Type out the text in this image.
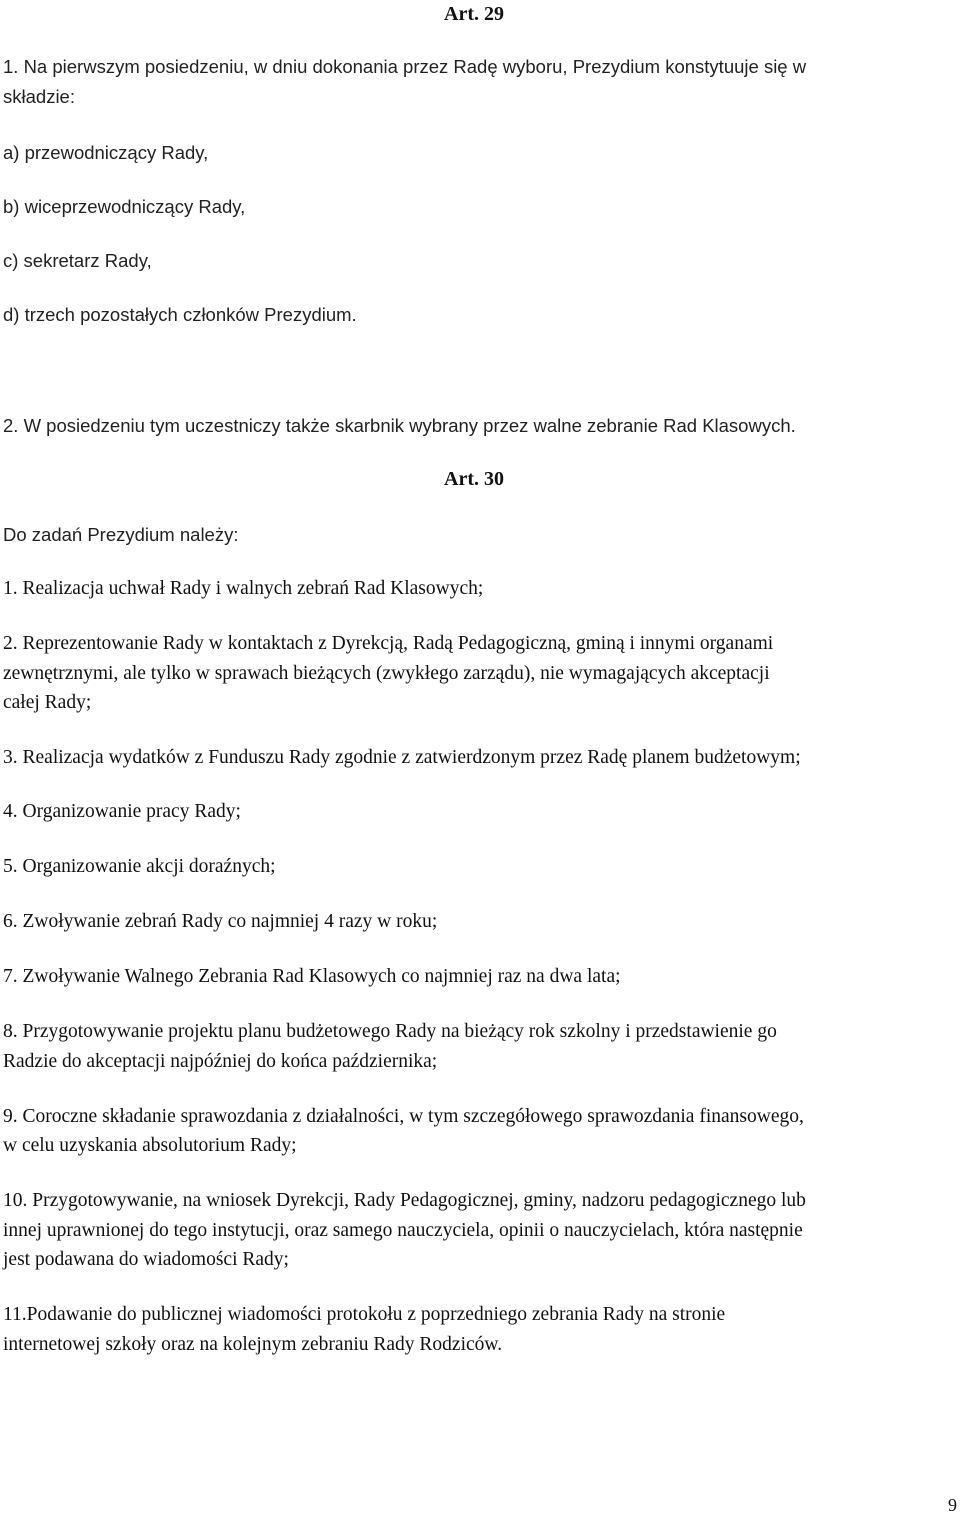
Art. 29
1. Na pierwszym posiedzeniu, w dniu dokonania przez Radę wyboru, Prezydium konstytuuje się w
składzie:
a) przewodniczący Rady,
b) wiceprzewodniczący Rady,
c) sekretarz Rady,
d) trzech pozostałych członków Prezydium.
2. W posiedzeniu tym uczestniczy także skarbnik wybrany przez walne zebranie Rad Klasowych.
Art. 30
Do zadań Prezydium należy:
1. Realizacja uchwał Rady i walnych zebrań Rad Klasowych;
2. Reprezentowanie Rady w kontaktach z Dyrekcją, Radą Pedagogiczną, gminą i innymi organami
zewnętrznymi, ale tylko w sprawach bieżących (zwykłego zarządu), nie wymagających akceptacji
całej Rady;
3. Realizacja wydatków z Funduszu Rady zgodnie z zatwierdzonym przez Radę planem budżetowym;
4. Organizowanie pracy Rady;
5. Organizowanie akcji doraźnych;
6. Zwoływanie zebrań Rady co najmniej 4 razy w roku;
7. Zwoływanie Walnego Zebrania Rad Klasowych co najmniej raz na dwa lata;
8. Przygotowywanie projektu planu budżetowego Rady na bieżący rok szkolny i przedstawienie go
Radzie do akceptacji najpóźniej do końca października;
9. Coroczne składanie sprawozdania z działalności, w tym szczegółowego sprawozdania finansowego,
w celu uzyskania absolutorium Rady;
10. Przygotowywanie, na wniosek Dyrekcji, Rady Pedagogicznej, gminy, nadzoru pedagogicznego lub
innej uprawnionej do tego instytucji, oraz samego nauczyciela, opinii o nauczycielach, która następnie
jest podawana do wiadomości Rady;
11.Podawanie do publicznej wiadomości protokołu z poprzedniego zebrania Rady na stronie
internetowej szkoły oraz na kolejnym zebraniu Rady Rodziców.
9
